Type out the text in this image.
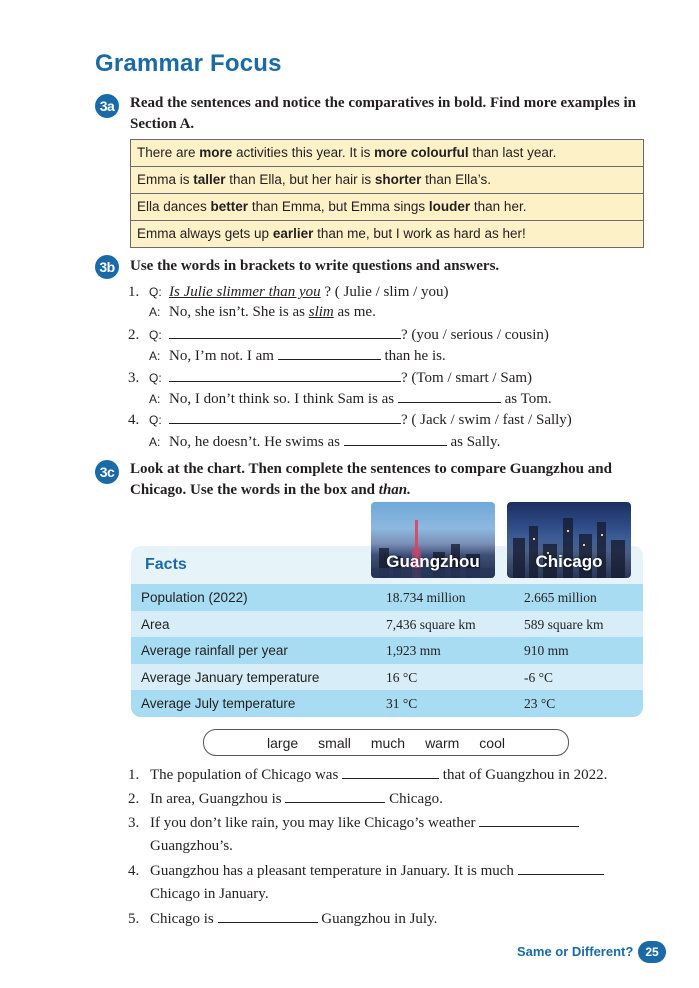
Grammar Focus
3a	Read the sentences and notice the comparatives in bold. Find more examples in Section A.
There are more activities this year. It is more colourful than last year.
Emma is taller than Ella, but her hair is shorter than Ella’s.
Ella dances better than Emma, but Emma sings louder than her.
Emma always gets up earlier than me, but I work as hard as her!
3b Use the words in brackets to write questions and answers.
1. Q: Is Julie slimmer than you ? ( Julie / slim / you)
A: No, she isn’t. She is as slim as me.
2. Q:	? (you / serious / cousin)
A: No, I’m not. I am	than he is.
3. Q:	? (Tom / smart / Sam)
A: No, I don’t think so. I think Sam is as	as Tom.
4. Q:	? ( Jack / swim / fast / Sally)
A: No, he doesn’t. He swims as	as Sally.
3c	Look at the chart. Then complete the sentences to compare Guangzhou and
Chicago. Use the words in the box and than.
Facts
Population (2022)	18.734 million	2.665 million
Area	7,436 square km	589 square km
Average rainfall per year	1,923 mm	910 mm
Average January temperature	16 °C	-6 °C
Average July temperature	31 °C	23 °C
Guangzhou	Chicago
large small much warm cool
1. The population of Chicago was	that of Guangzhou in 2022.
2. In area, Guangzhou is	Chicago.
3. If you don’t like rain, you may like Chicago’s weather
Guangzhou’s.
4. Guangzhou has a pleasant temperature in January. It is much
Chicago in January.
5. Chicago is	Guangzhou in July.
Same or Different?	25
